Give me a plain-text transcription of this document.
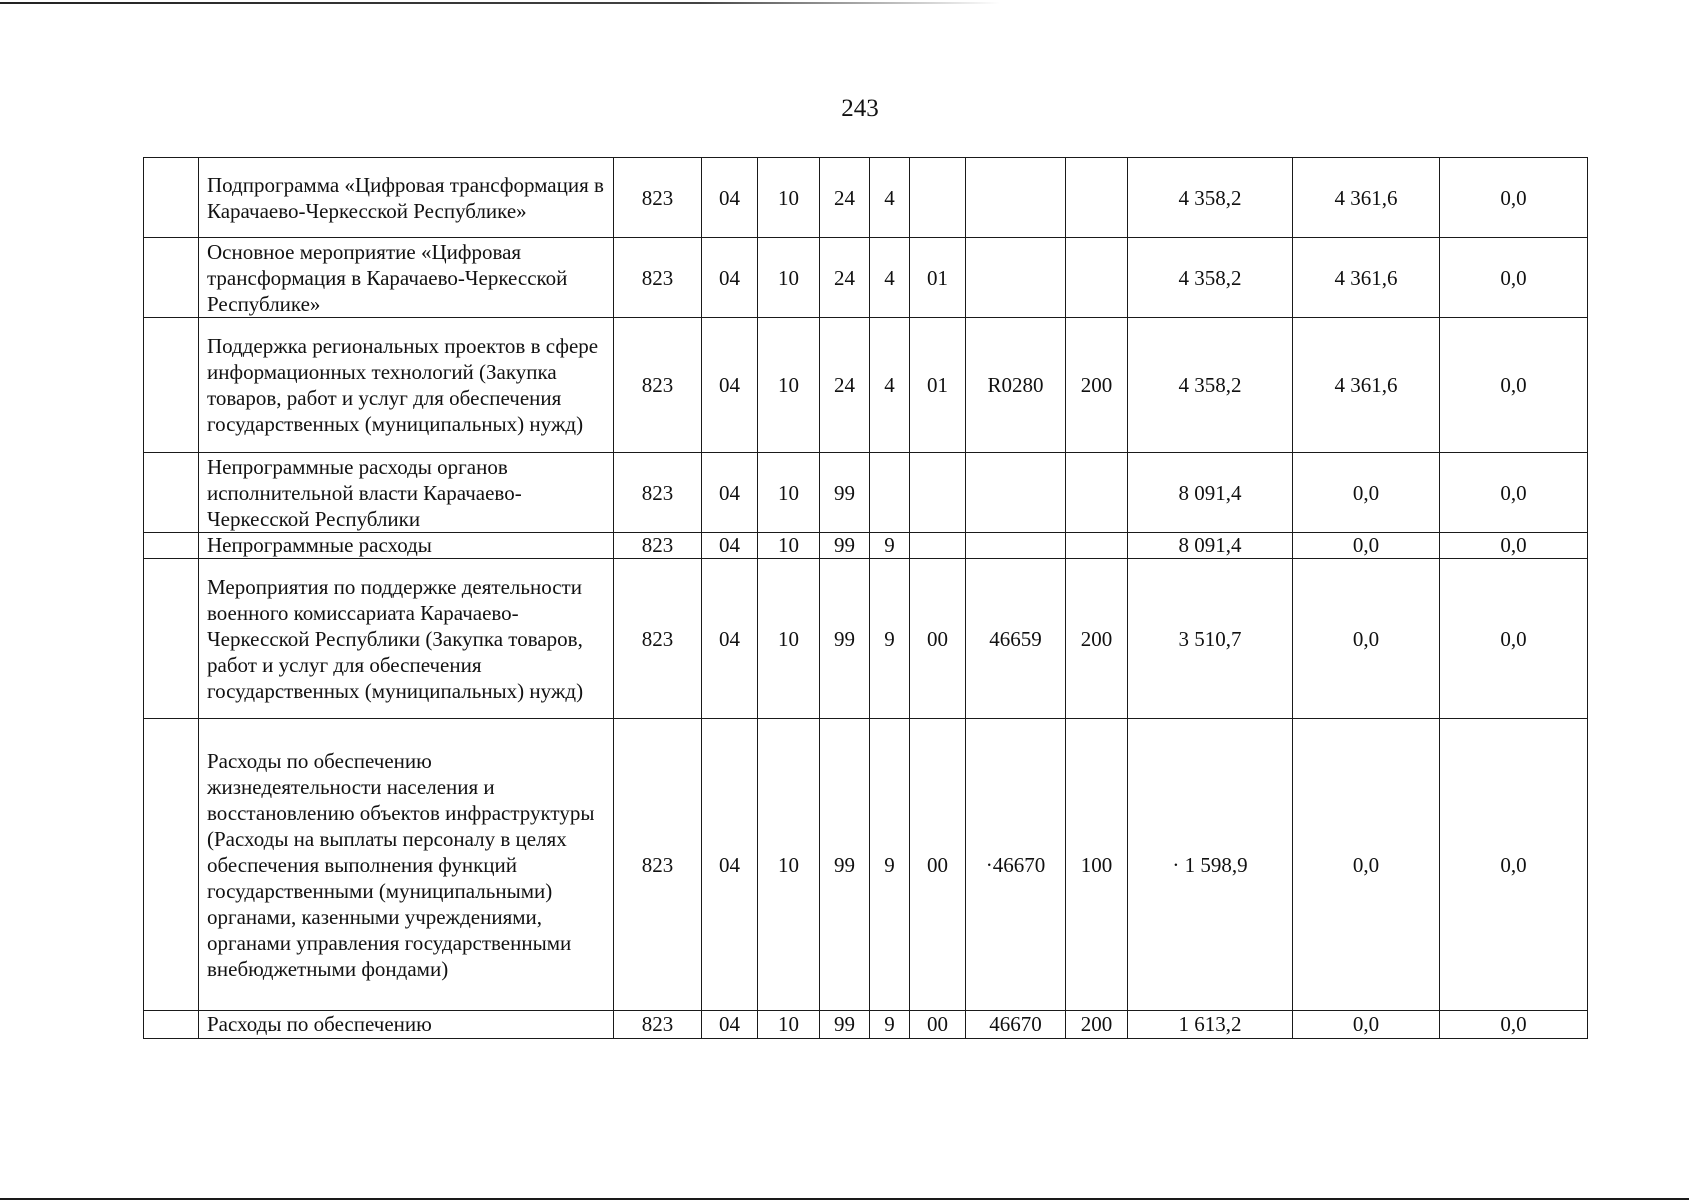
243
	Подпрограмма «Цифровая трансформация в Карачаево-Черкесской Республике»	823	04	10	24	4				4 358,2	4 361,6	0,0
	Основное мероприятие «Цифровая трансформация в Карачаево-Черкесской Республике»	823	04	10	24	4	01			4 358,2	4 361,6	0,0
	Поддержка региональных проектов в сфере информационных технологий (Закупка товаров, работ и услуг для обеспечения государственных (муниципальных) нужд)	823	04	10	24	4	01	R0280	200	4 358,2	4 361,6	0,0
	Непрограммные расходы органов исполнительной власти Карачаево-Черкесской Республики	823	04	10	99					8 091,4	0,0	0,0
	Непрограммные расходы	823	04	10	99	9				8 091,4	0,0	0,0
	Мероприятия по поддержке деятельности военного комиссариата Карачаево-Черкесской Республики (Закупка товаров, работ и услуг для обеспечения государственных (муниципальных) нужд)	823	04	10	99	9	00	46659	200	3 510,7	0,0	0,0
	Расходы по обеспечению жизнедеятельности населения и восстановлению объектов инфраструктуры (Расходы на выплаты персоналу в целях обеспечения выполнения функций государственными (муниципальными) органами, казенными учреждениями, органами управления государственными внебюджетными фондами)	823	04	10	99	9	00	·46670	100	· 1 598,9	0,0	0,0
	Расходы по обеспечению	823	04	10	99	9	00	46670	200	1 613,2	0,0	0,0
